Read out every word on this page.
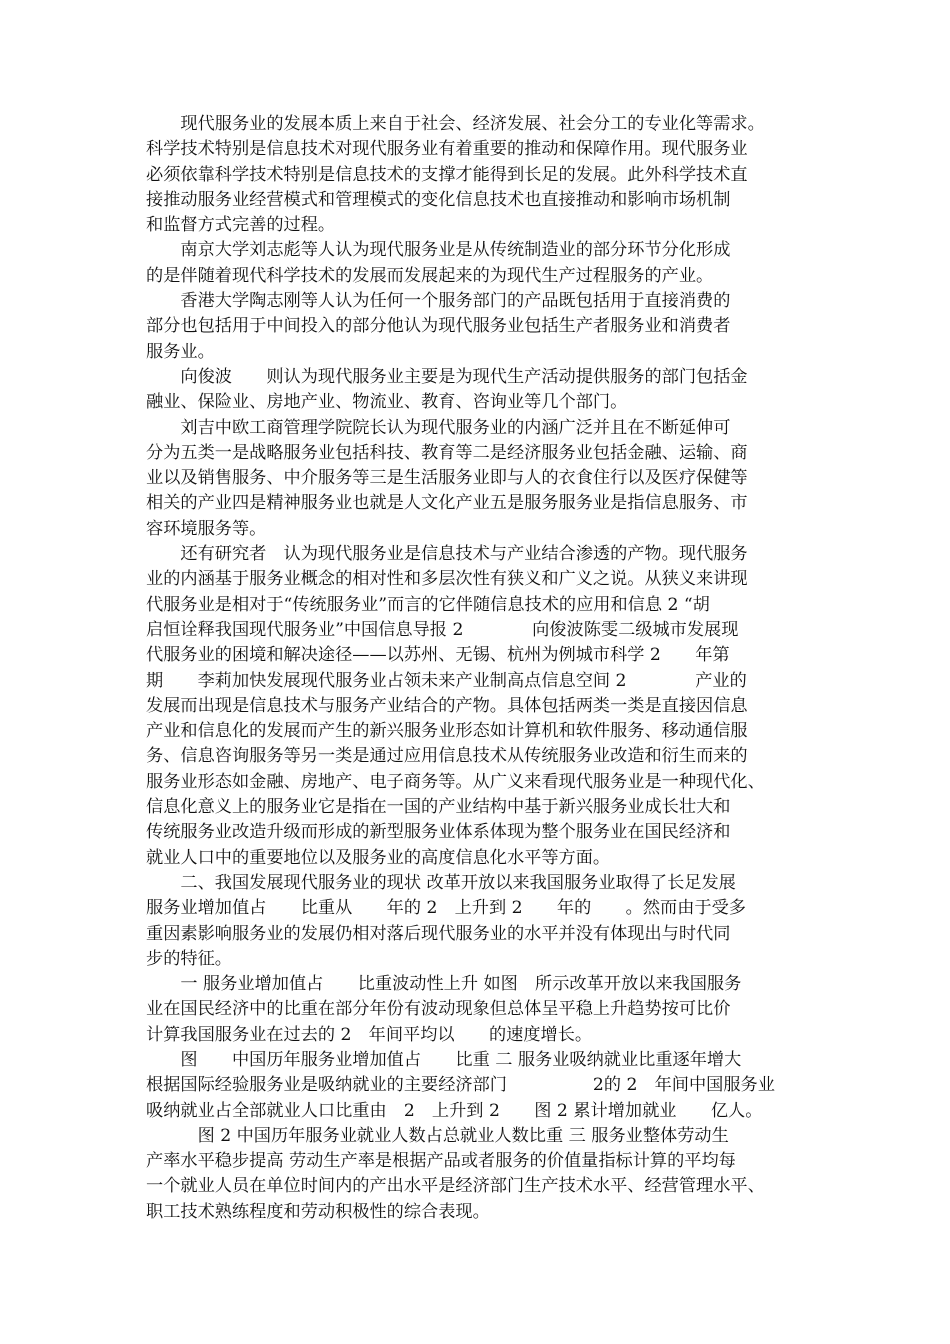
　　现代服务业的发展本质上来自于社会、经济发展、社会分工的专业化等需求。
科学技术特别是信息技术对现代服务业有着重要的推动和保障作用。现代服务业
必须依靠科学技术特别是信息技术的支撑才能得到长足的发展。此外科学技术直
接推动服务业经营模式和管理模式的变化信息技术也直接推动和影响市场机制
和监督方式完善的过程。
　　南京大学刘志彪等人认为现代服务业是从传统制造业的部分环节分化形成
的是伴随着现代科学技术的发展而发展起来的为现代生产过程服务的产业。
　　香港大学陶志刚等人认为任何一个服务部门的产品既包括用于直接消费的
部分也包括用于中间投入的部分他认为现代服务业包括生产者服务业和消费者
服务业。
　　向俊波　　则认为现代服务业主要是为现代生产活动提供服务的部门包括金
融业、保险业、房地产业、物流业、教育、咨询业等几个部门。
　　刘吉中欧工商管理学院院长认为现代服务业的内涵广泛并且在不断延伸可
分为五类一是战略服务业包括科技、教育等二是经济服务业包括金融、运输、商
业以及销售服务、中介服务等三是生活服务业即与人的衣食住行以及医疗保健等
相关的产业四是精神服务业也就是人文化产业五是服务服务业是指信息服务、市
容环境服务等。
　　还有研究者　认为现代服务业是信息技术与产业结合渗透的产物。现代服务
业的内涵基于服务业概念的相对性和多层次性有狭义和广义之说。从狭义来讲现
代服务业是相对于“传统服务业”而言的它伴随信息技术的应用和信息 2 “胡
启恒诠释我国现代服务业”中国信息导报 2　　　　向俊波陈雯二级城市发展现
代服务业的困境和解决途径——以苏州、无锡、杭州为例城市科学 2　　年第
期　　李莉加快发展现代服务业占领未来产业制高点信息空间 2　　　　产业的
发展而出现是信息技术与服务产业结合的产物。具体包括两类一类是直接因信息
产业和信息化的发展而产生的新兴服务业形态如计算机和软件服务、移动通信服
务、信息咨询服务等另一类是通过应用信息技术从传统服务业改造和衍生而来的
服务业形态如金融、房地产、电子商务等。从广义来看现代服务业是一种现代化、
信息化意义上的服务业它是指在一国的产业结构中基于新兴服务业成长壮大和
传统服务业改造升级而形成的新型服务业体系体现为整个服务业在国民经济和
就业人口中的重要地位以及服务业的高度信息化水平等方面。
　　二、我国发展现代服务业的现状 改革开放以来我国服务业取得了长足发展
服务业增加值占　　比重从　　年的 2　上升到 2　　年的　　。然而由于受多
重因素影响服务业的发展仍相对落后现代服务业的水平并没有体现出与时代同
步的特征。
　　一 服务业增加值占　　比重波动性上升 如图　所示改革开放以来我国服务
业在国民经济中的比重在部分年份有波动现象但总体呈平稳上升趋势按可比价
计算我国服务业在过去的 2　年间平均以　　的速度增长。
　　图　　中国历年服务业增加值占　　比重 二 服务业吸纳就业比重逐年增大
根据国际经验服务业是吸纳就业的主要经济部门　　　　　2的 2　年间中国服务业
吸纳就业占全部就业人口比重由　2　上升到 2　　图 2 累计增加就业　　亿人。
　　　图 2 中国历年服务业就业人数占总就业人数比重 三 服务业整体劳动生
产率水平稳步提高 劳动生产率是根据产品或者服务的价值量指标计算的平均每
一个就业人员在单位时间内的产出水平是经济部门生产技术水平、经营管理水平、
职工技术熟练程度和劳动积极性的综合表现。
